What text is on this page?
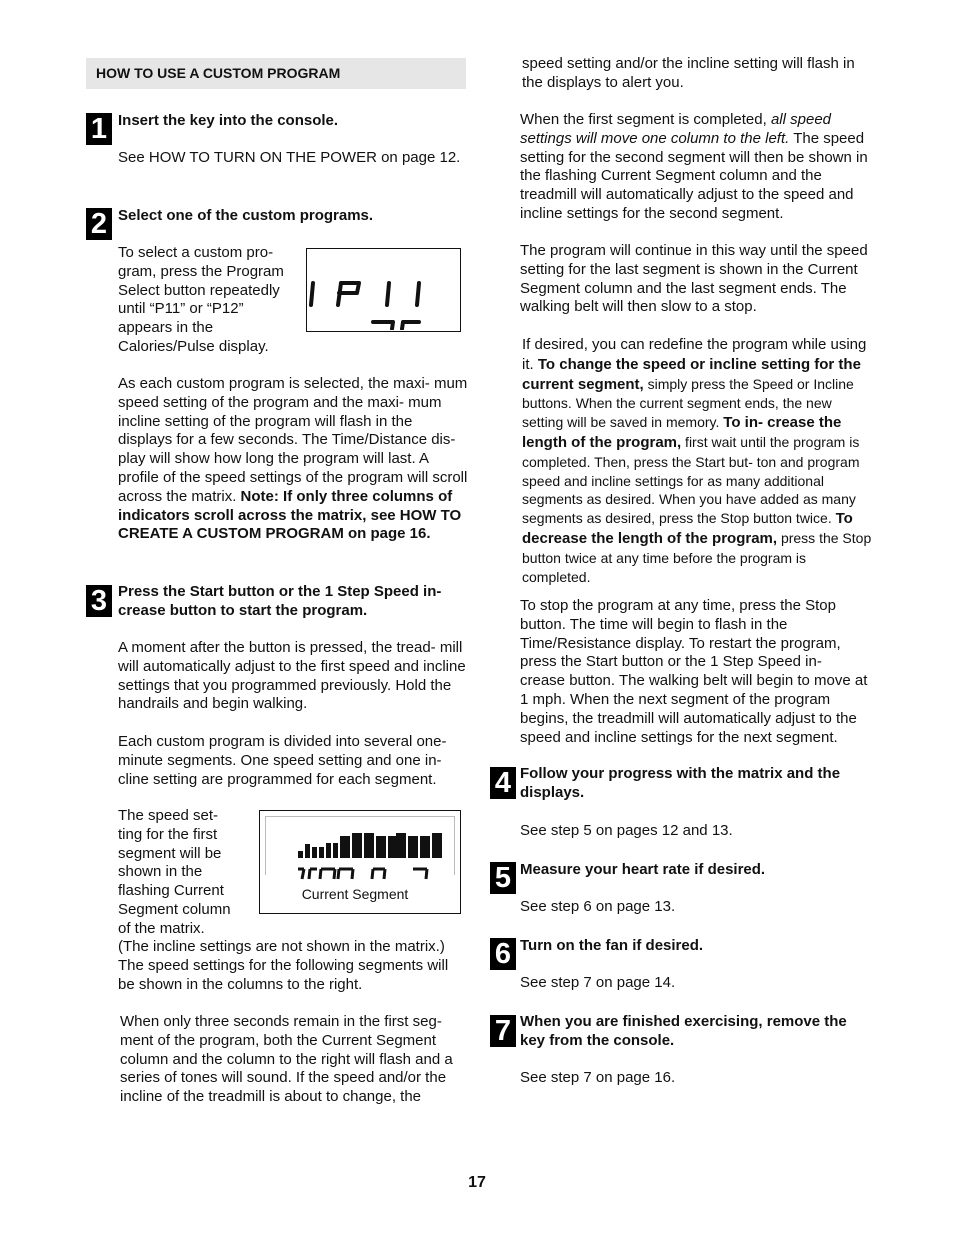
HOW TO USE A CUSTOM PROGRAM
1 Insert the key into the console.
See HOW TO TURN ON THE POWER on page 12.
2 Select one of the custom programs.
To select a custom pro- gram, press the Program Select button repeatedly until “P11” or “P12” appears in the Calories/Pulse display.
As each custom program is selected, the maxi- mum speed setting of the program and the maxi- mum incline setting of the program will flash in the displays for a few seconds. The Time/Distance dis- play will show how long the program will last. A profile of the speed settings of the program will scroll across the matrix. Note: If only three columns of indicators scroll across the matrix, see HOW TO CREATE A CUSTOM PROGRAM on page 16.
3 Press the Start button or the 1 Step Speed in- crease button to start the program.
A moment after the button is pressed, the tread- mill will automatically adjust to the first speed and incline settings that you programmed previously. Hold the handrails and begin walking.
Each custom program is divided into several one- minute segments. One speed setting and one in- cline setting are programmed for each segment.
The speed set- ting for the first segment will be shown in the flashing Current Segment column of the matrix.
Current Segment
(The incline settings are not shown in the matrix.) The speed settings for the following segments will be shown in the columns to the right.
When only three seconds remain in the first seg- ment of the program, both the Current Segment column and the column to the right will flash and a series of tones will sound. If the speed and/or the incline of the treadmill is about to change, the
speed setting and/or the incline setting will flash in the displays to alert you.
When the first segment is completed, all speed settings will move one column to the left. The speed setting for the second segment will then be shown in the flashing Current Segment column and the treadmill will automatically adjust to the speed and incline settings for the second segment.
The program will continue in this way until the speed setting for the last segment is shown in the Current Segment column and the last segment ends. The walking belt will then slow to a stop.
If desired, you can redefine the program while using it. To change the speed or incline setting for the current segment, simply press the Speed or Incline buttons. When the current segment ends, the new setting will be saved in memory. To in- crease the length of the program, first wait until the program is completed. Then, press the Start but- ton and program speed and incline settings for as many additional segments as desired. When you have added as many segments as desired, press the Stop button twice. To decrease the length of the program, press the Stop button twice at any time before the program is completed.
To stop the program at any time, press the Stop button. The time will begin to flash in the Time/Resistance display. To restart the program, press the Start button or the 1 Step Speed in- crease button. The walking belt will begin to move at 1 mph. When the next segment of the program begins, the treadmill will automatically adjust to the speed and incline settings for the next segment.
4 Follow your progress with the matrix and the displays.
See step 5 on pages 12 and 13.
5 Measure your heart rate if desired.
See step 6 on page 13.
6 Turn on the fan if desired.
See step 7 on page 14.
7 When you are finished exercising, remove the key from the console.
See step 7 on page 16.
17
